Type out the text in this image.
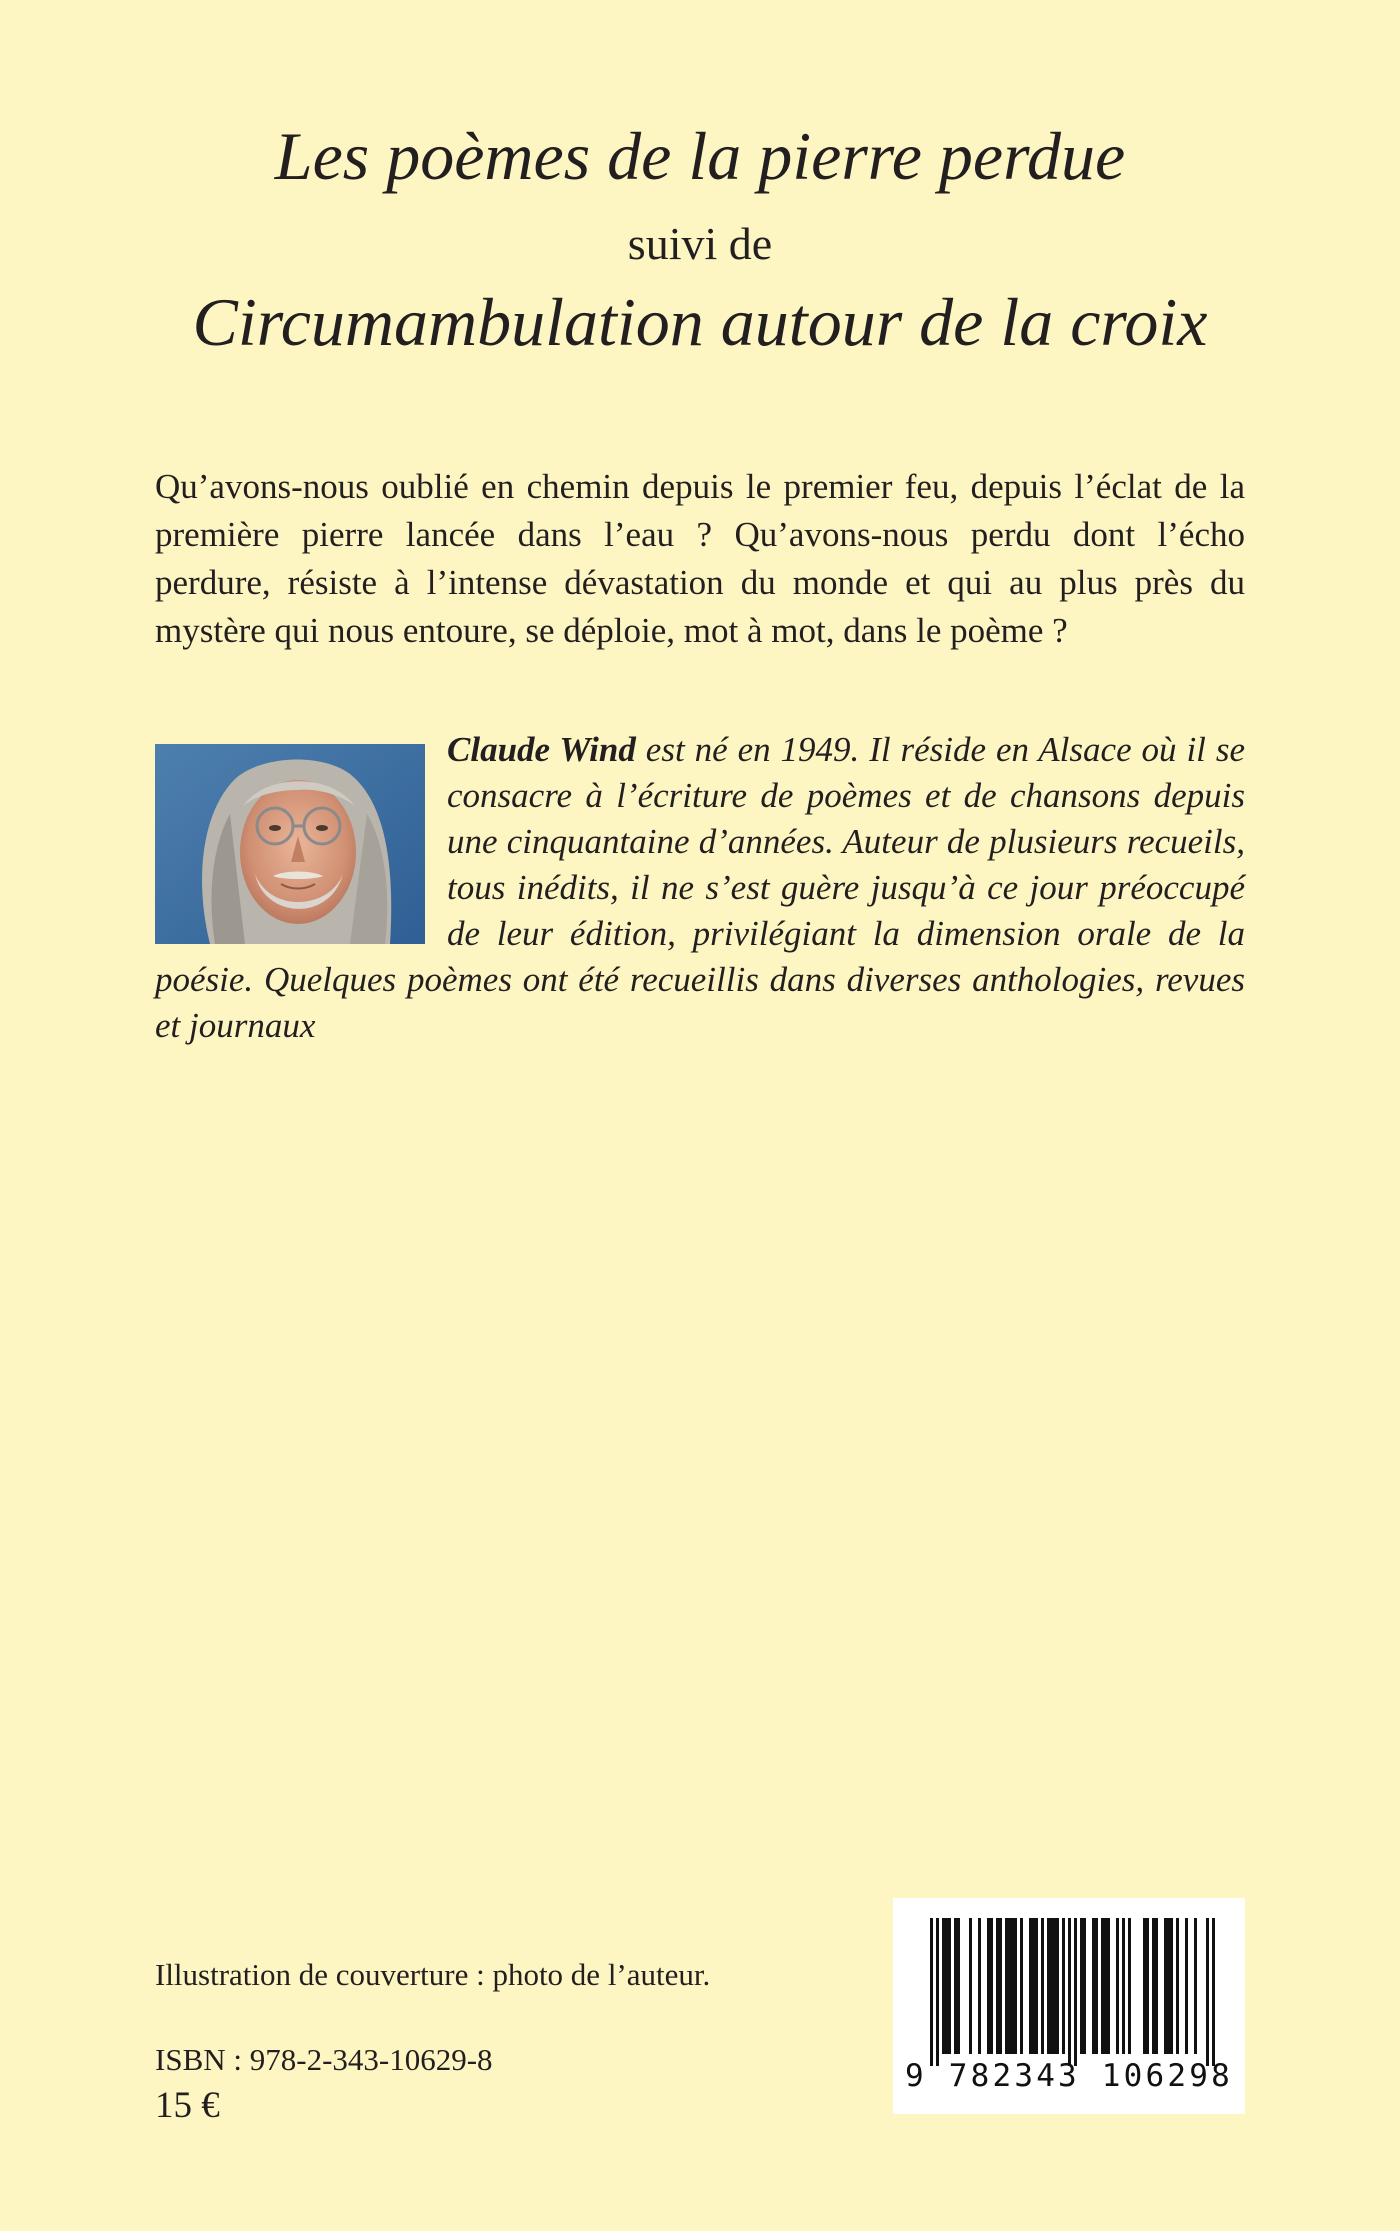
Les poèmes de la pierre perdue
suivi de
Circumambulation autour de la croix

Qu’avons-nous oublié en chemin depuis le premier feu, depuis l’éclat de la première pierre lancée dans l’eau ? Qu’avons-nous perdu dont l’écho perdure, résiste à l’intense dévastation du monde et qui au plus près du mystère qui nous entoure, se déploie, mot à mot, dans le poème ?

Claude Wind est né en 1949. Il réside en Alsace où il se consacre à l’écriture de poèmes et de chansons depuis une cinquantaine d’années. Auteur de plusieurs recueils, tous inédits, il ne s’est guère jusqu’à ce jour préoccupé de leur édition, privilégiant la dimension orale de la poésie. Quelques poèmes ont été recueillis dans diverses anthologies, revues et journaux

Illustration de couverture : photo de l’auteur.

ISBN : 978-2-343-10629-8

15 €

9 782343 106298
